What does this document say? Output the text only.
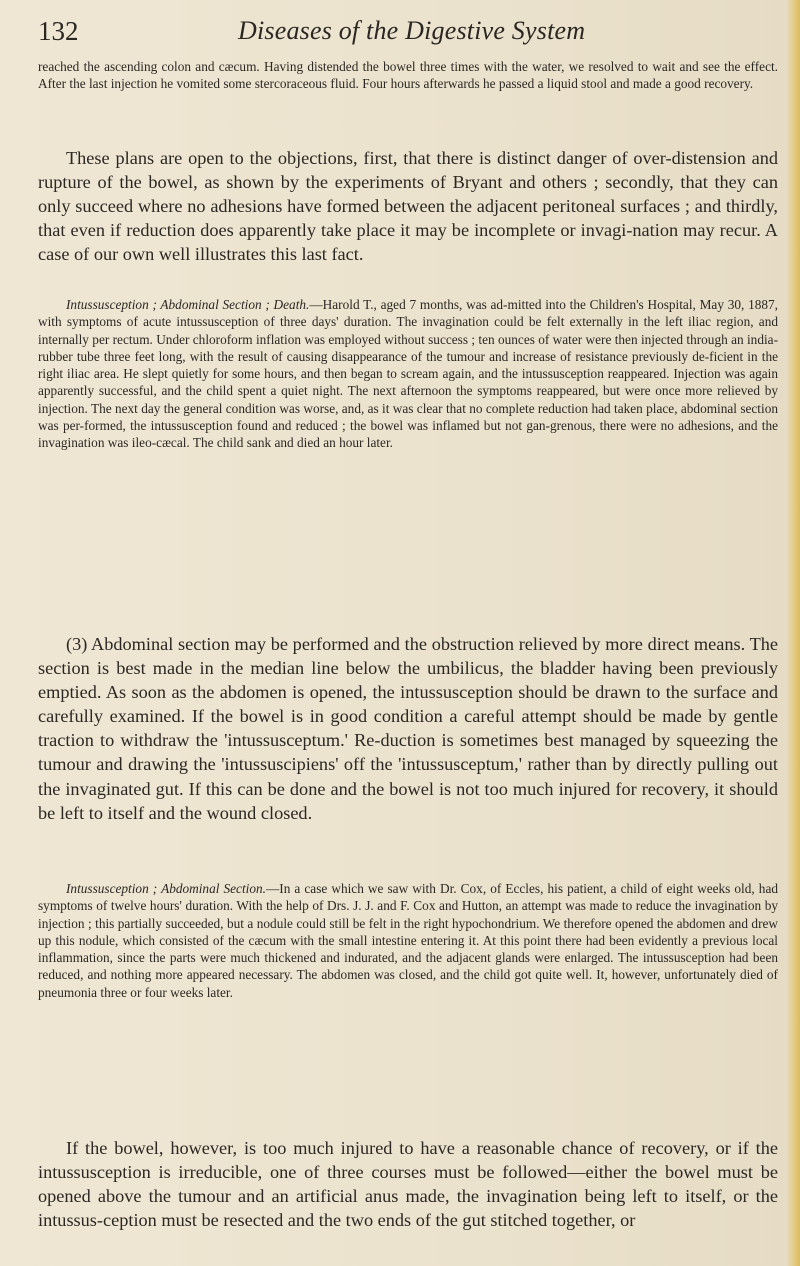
132	Diseases of the Digestive System

reached the ascending colon and cæcum. Having distended the bowel three times with the water, we resolved to wait and see the effect. After the last injection he vomited some stercoraceous fluid. Four hours afterwards he passed a liquid stool and made a good recovery.

These plans are open to the objections, first, that there is distinct danger of over-distension and rupture of the bowel, as shown by the experiments of Bryant and others ; secondly, that they can only succeed where no adhesions have formed between the adjacent peritoneal surfaces ; and thirdly, that even if reduction does apparently take place it may be incomplete or invagi-nation may recur. A case of our own well illustrates this last fact.

Intussusception ; Abdominal Section ; Death.—Harold T., aged 7 months, was ad-mitted into the Children's Hospital, May 30, 1887, with symptoms of acute intussusception of three days' duration. The invagination could be felt externally in the left iliac region, and internally per rectum. Under chloroform inflation was employed without success ; ten ounces of water were then injected through an india-rubber tube three feet long, with the result of causing disappearance of the tumour and increase of resistance previously de-ficient in the right iliac area. He slept quietly for some hours, and then began to scream again, and the intussusception reappeared. Injection was again apparently successful, and the child spent a quiet night. The next afternoon the symptoms reappeared, but were once more relieved by injection. The next day the general condition was worse, and, as it was clear that no complete reduction had taken place, abdominal section was per-formed, the intussusception found and reduced ; the bowel was inflamed but not gan-grenous, there were no adhesions, and the invagination was ileo-cæcal. The child sank and died an hour later.

(3) Abdominal section may be performed and the obstruction relieved by more direct means. The section is best made in the median line below the umbilicus, the bladder having been previously emptied. As soon as the abdomen is opened, the intussusception should be drawn to the surface and carefully examined. If the bowel is in good condition a careful attempt should be made by gentle traction to withdraw the 'intussusceptum.' Re-duction is sometimes best managed by squeezing the tumour and drawing the 'intussuscipiens' off the 'intussusceptum,' rather than by directly pulling out the invaginated gut. If this can be done and the bowel is not too much injured for recovery, it should be left to itself and the wound closed.

Intussusception ; Abdominal Section.—In a case which we saw with Dr. Cox, of Eccles, his patient, a child of eight weeks old, had symptoms of twelve hours' duration. With the help of Drs. J. J. and F. Cox and Hutton, an attempt was made to reduce the invagination by injection ; this partially succeeded, but a nodule could still be felt in the right hypochondrium. We therefore opened the abdomen and drew up this nodule, which consisted of the cæcum with the small intestine entering it. At this point there had been evidently a previous local inflammation, since the parts were much thickened and indurated, and the adjacent glands were enlarged. The intussusception had been reduced, and nothing more appeared necessary. The abdomen was closed, and the child got quite well. It, however, unfortunately died of pneumonia three or four weeks later.

If the bowel, however, is too much injured to have a reasonable chance of recovery, or if the intussusception is irreducible, one of three courses must be followed—either the bowel must be opened above the tumour and an artificial anus made, the invagination being left to itself, or the intussus-ception must be resected and the two ends of the gut stitched together, or
